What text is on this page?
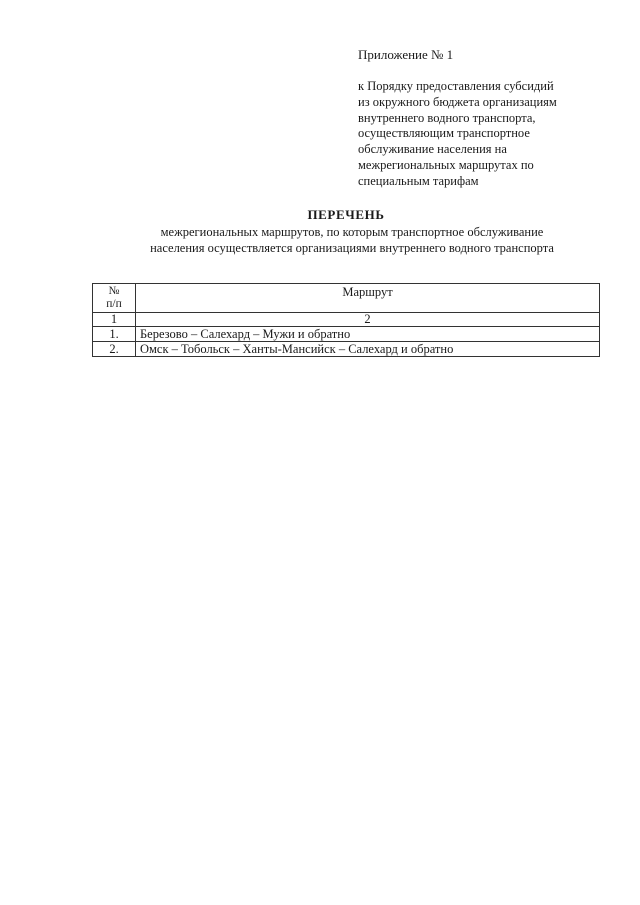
Приложение № 1
к Порядку предоставления субсидий
из окружного бюджета организациям
внутреннего водного транспорта,
осуществляющим транспортное
обслуживание населения на
межрегиональных маршрутах по
специальным тарифам
ПЕРЕЧЕНЬ
межрегиональных маршрутов, по которым транспортное обслуживание
населения осуществляется организациями внутреннего водного транспорта
№
п/п	Маршрут
1	2
1.	Березово – Салехард – Мужи и обратно
2.	Омск – Тобольск – Ханты-Мансийск – Салехард и обратно
